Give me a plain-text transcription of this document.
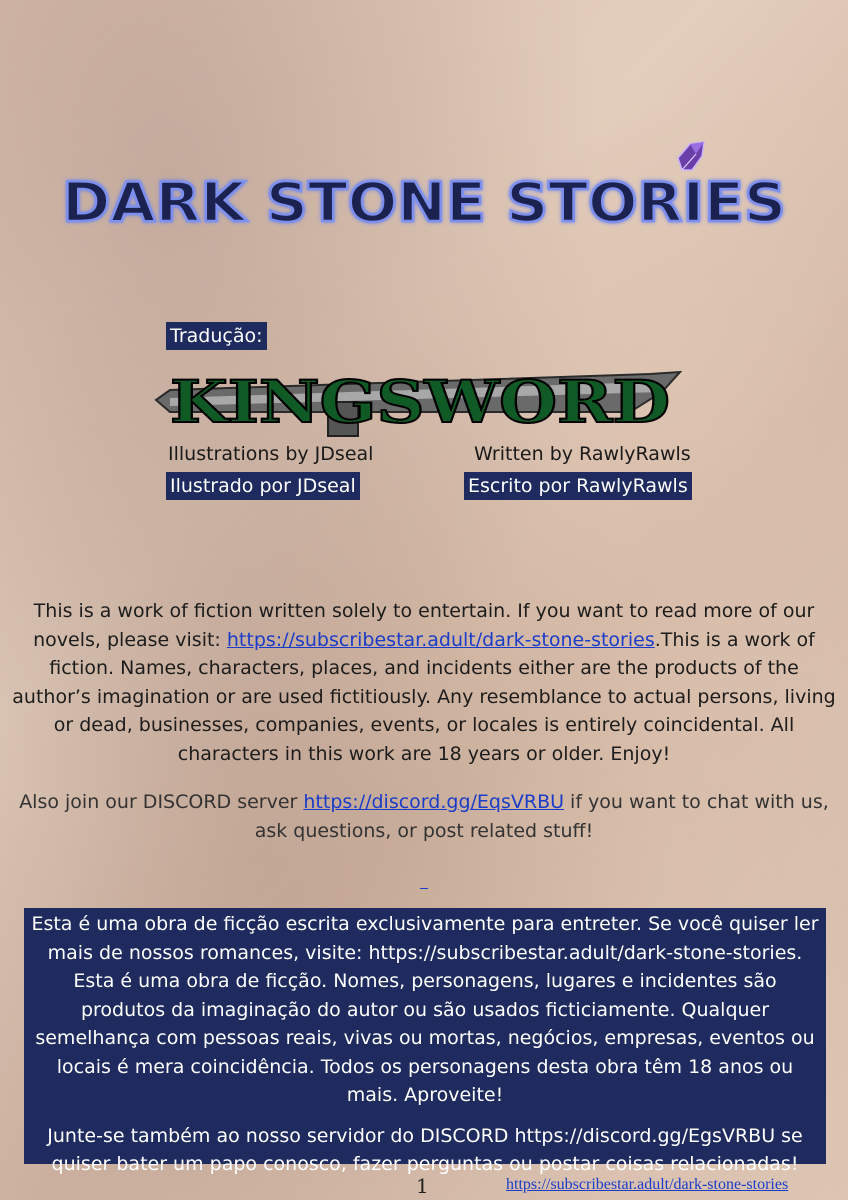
DARK STONE STORIES
Tradução:
KINGSWORD
Illustrations by JDseal	Written by RawlyRawls
Ilustrado por JDseal	Escrito por RawlyRawls
This is a work of fiction written solely to entertain. If you want to read more of our novels, please visit: https://subscribestar.adult/dark-stone-stories.This is a work of fiction. Names, characters, places, and incidents either are the products of the author’s imagination or are used fictitiously. Any resemblance to actual persons, living or dead, businesses, companies, events, or locales is entirely coincidental. All characters in this work are 18 years or older. Enjoy!
Also join our DISCORD server https://discord.gg/EqsVRBU if you want to chat with us, ask questions, or post related stuff!

Esta é uma obra de ficção escrita exclusivamente para entreter. Se você quiser ler mais de nossos romances, visite: https://subscribestar.adult/dark-stone-stories. Esta é uma obra de ficção. Nomes, personagens, lugares e incidentes são produtos da imaginação do autor ou são usados ficticiamente. Qualquer semelhança com pessoas reais, vivas ou mortas, negócios, empresas, eventos ou locais é mera coincidência. Todos os personagens desta obra têm 18 anos ou mais. Aproveite!

Junte-se também ao nosso servidor do DISCORD https://discord.gg/EgsVRBU se quiser bater um papo conosco, fazer perguntas ou postar coisas relacionadas!

1	https://subscribestar.adult/dark-stone-stories
